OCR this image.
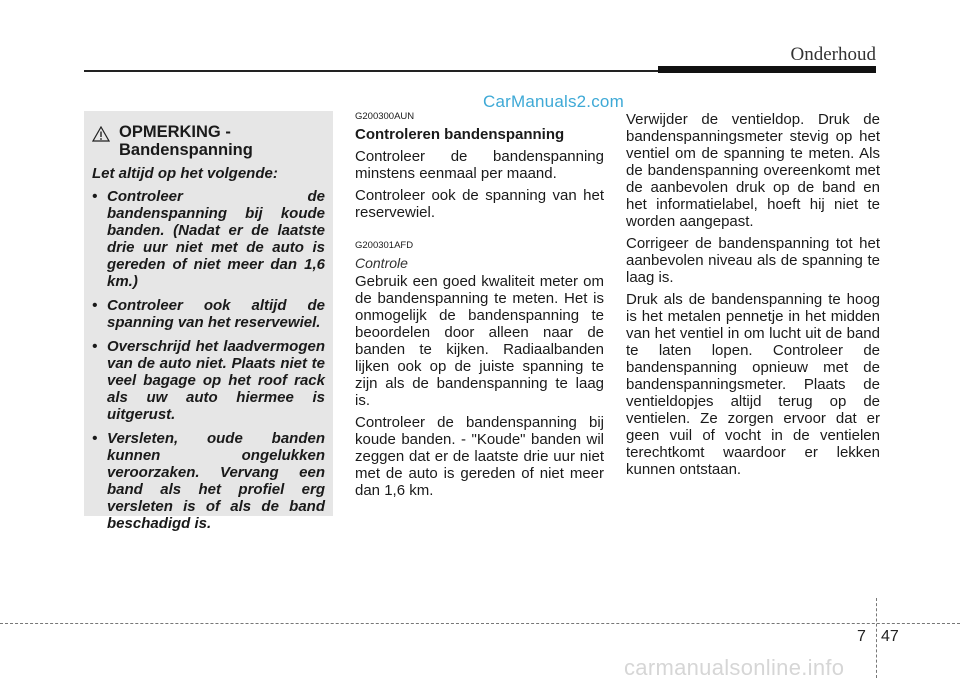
Onderhoud
CarManuals2.com
OPMERKING -
Bandenspanning
Let altijd op het volgende:
• Controleer de bandenspanning bij koude banden. (Nadat er de laatste drie uur niet met de auto is gereden of niet meer dan 1,6 km.)
• Controleer ook altijd de spanning van het reservewiel.
• Overschrijd het laadvermogen van de auto niet. Plaats niet te veel bagage op het roof rack als uw auto hiermee is uitgerust.
• Versleten, oude banden kunnen ongelukken veroorzaken. Vervang een band als het profiel erg versleten is of als de band beschadigd is.
G200300AUN
Controleren bandenspanning

Controleer de bandenspanning minstens eenmaal per maand.

Controleer ook de spanning van het reservewiel.

G200301AFD
Controle

Gebruik een goed kwaliteit meter om de bandenspanning te meten. Het is onmogelijk de bandenspanning te beoordelen door alleen naar de banden te kijken. Radiaalbanden lijken ook op de juiste spanning te zijn als de bandenspanning te laag is.

Controleer de bandenspanning bij koude banden. - "Koude" banden wil zeggen dat er de laatste drie uur niet met de auto is gereden of niet meer dan 1,6 km.

Verwijder de ventieldop. Druk de bandenspanningsmeter stevig op het ventiel om de spanning te meten. Als de bandenspanning overeenkomt met de aanbevolen druk op de band en het informatielabel, hoeft hij niet te worden aangepast.

Corrigeer de bandenspanning tot het aanbevolen niveau als de spanning te laag is.

Druk als de bandenspanning te hoog is het metalen pennetje in het midden van het ventiel in om lucht uit de band te laten lopen. Controleer de bandenspanning opnieuw met de bandenspanningsmeter. Plaats de ventieldopjes altijd terug op de ventielen. Ze zorgen ervoor dat er geen vuil of vocht in de ventielen terechtkomt waardoor er lekken kunnen ontstaan.

7 47
carmanualsonline.info
